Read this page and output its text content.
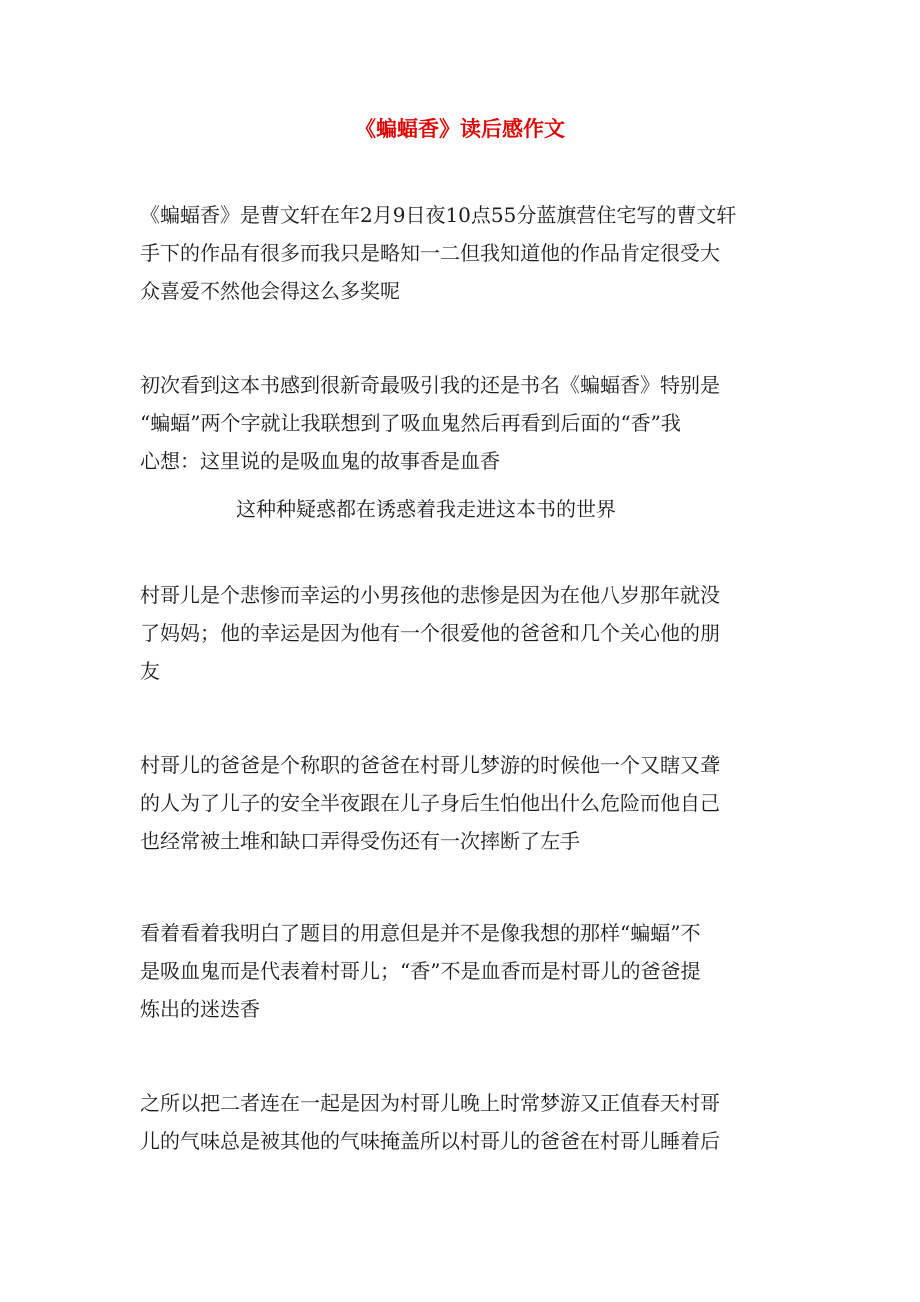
《蝙蝠香》读后感作文

《蝙蝠香》是曹文轩在年2月9日夜10点55分蓝旗营住宅写的曹文轩
手下的作品有很多而我只是略知一二但我知道他的作品肯定很受大
众喜爱不然他会得这么多奖呢

初次看到这本书感到很新奇最吸引我的还是书名《蝙蝠香》特别是
“蝙蝠”两个字就让我联想到了吸血鬼然后再看到后面的“香”我
心想：这里说的是吸血鬼的故事香是血香

这种种疑惑都在诱惑着我走进这本书的世界

村哥儿是个悲惨而幸运的小男孩他的悲惨是因为在他八岁那年就没
了妈妈；他的幸运是因为他有一个很爱他的爸爸和几个关心他的朋
友

村哥儿的爸爸是个称职的爸爸在村哥儿梦游的时候他一个又瞎又聋
的人为了儿子的安全半夜跟在儿子身后生怕他出什么危险而他自己
也经常被土堆和缺口弄得受伤还有一次摔断了左手

看着看着我明白了题目的用意但是并不是像我想的那样“蝙蝠”不
是吸血鬼而是代表着村哥儿；“香”不是血香而是村哥儿的爸爸提
炼出的迷迭香

之所以把二者连在一起是因为村哥儿晚上时常梦游又正值春天村哥
儿的气味总是被其他的气味掩盖所以村哥儿的爸爸在村哥儿睡着后
